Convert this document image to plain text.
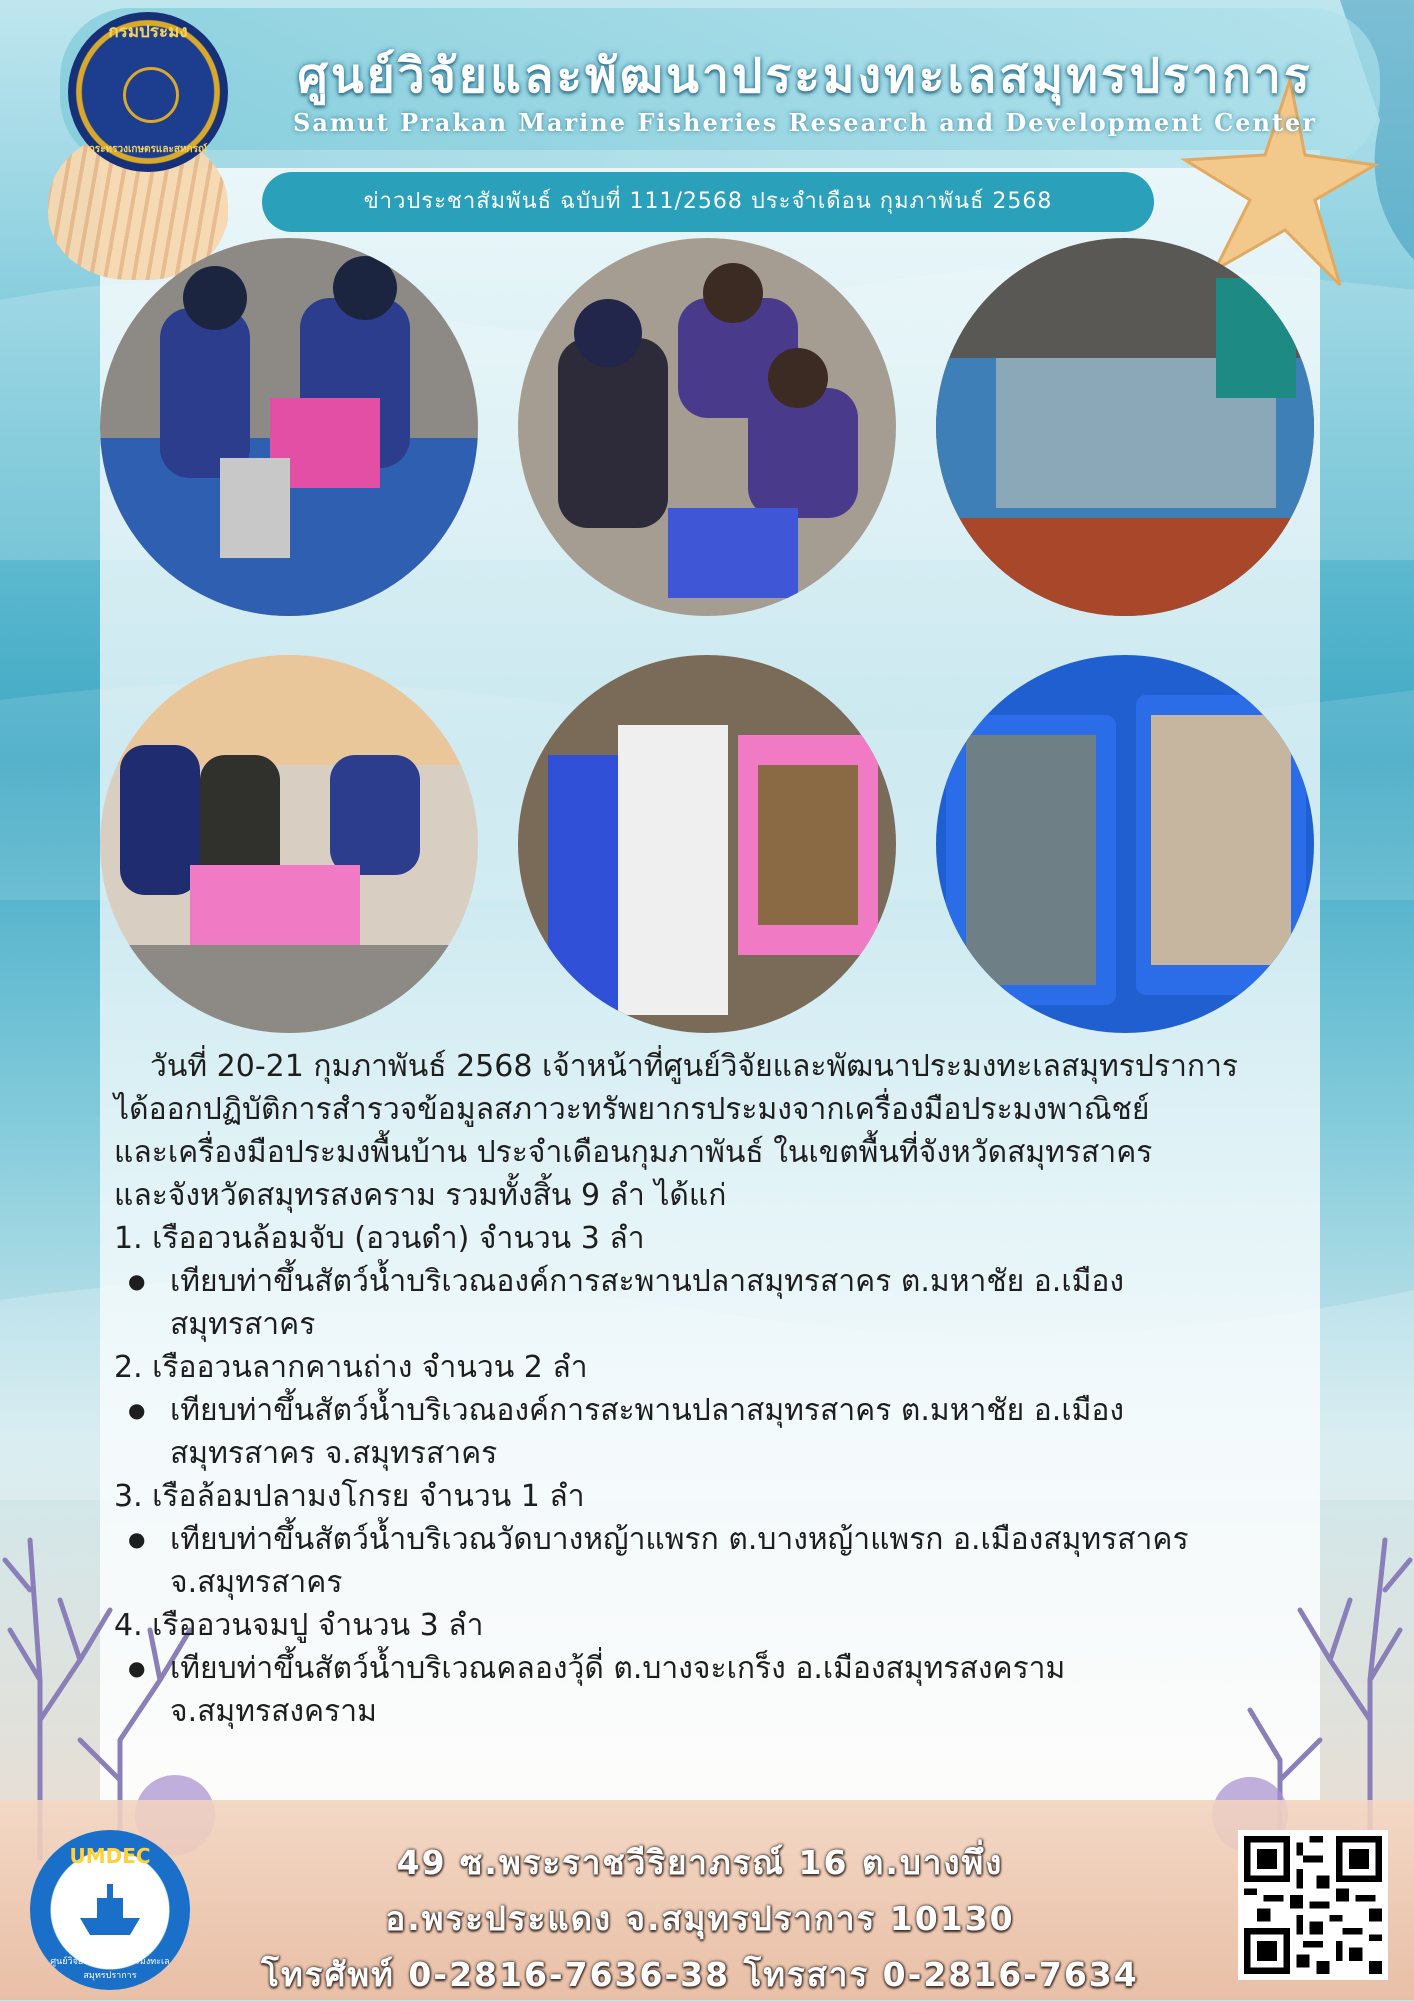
กรมประมง
กระทรวงเกษตรและสหกรณ์
ศูนย์วิจัยและพัฒนาประมงทะเลสมุทรปราการ
Samut Prakan Marine Fisheries Research and Development Center
ข่าวประชาสัมพันธ์ ฉบับที่ 111/2568 ประจำเดือน กุมภาพันธ์ 2568

วันที่ 20-21 กุมภาพันธ์ 2568 เจ้าหน้าที่ศูนย์วิจัยและพัฒนาประมงทะเลสมุทรปราการ

ได้ออกปฏิบัติการสำรวจข้อมูลสภาวะทรัพยากรประมงจากเครื่องมือประมงพาณิชย์

และเครื่องมือประมงพื้นบ้าน ประจำเดือนกุมภาพันธ์ ในเขตพื้นที่จังหวัดสมุทรสาคร

และจังหวัดสมุทรสงคราม รวมทั้งสิ้น 9 ลำ ได้แก่

1. เรืออวนล้อมจับ (อวนดำ) จำนวน 3 ลำ

● เทียบท่าขึ้นสัตว์น้ำบริเวณองค์การสะพานปลาสมุทรสาคร ต.มหาชัย อ.เมือง

สมุทรสาคร

2. เรืออวนลากคานถ่าง จำนวน 2 ลำ

● เทียบท่าขึ้นสัตว์น้ำบริเวณองค์การสะพานปลาสมุทรสาคร ต.มหาชัย อ.เมือง

สมุทรสาคร จ.สมุทรสาคร

3. เรือล้อมปลามงโกรย จำนวน 1 ลำ

● เทียบท่าขึ้นสัตว์น้ำบริเวณวัดบางหญ้าแพรก ต.บางหญ้าแพรก อ.เมืองสมุทรสาคร

จ.สมุทรสาคร

4. เรืออวนจมปู จำนวน 3 ลำ

● เทียบท่าขึ้นสัตว์น้ำบริเวณคลองวุ้ดี่ ต.บางจะเกร็ง อ.เมืองสมุทรสงคราม

จ.สมุทรสงคราม

49 ซ.พระราชวีริยาภรณ์ 16 ต.บางพึ่ง
อ.พระประแดง จ.สมุทรปราการ 10130
โทรศัพท์ 0-2816-7636-38 โทรสาร 0-2816-7634
UMDEC
ศูนย์วิจัยและพัฒนาประมงทะเลสมุทรปราการ
